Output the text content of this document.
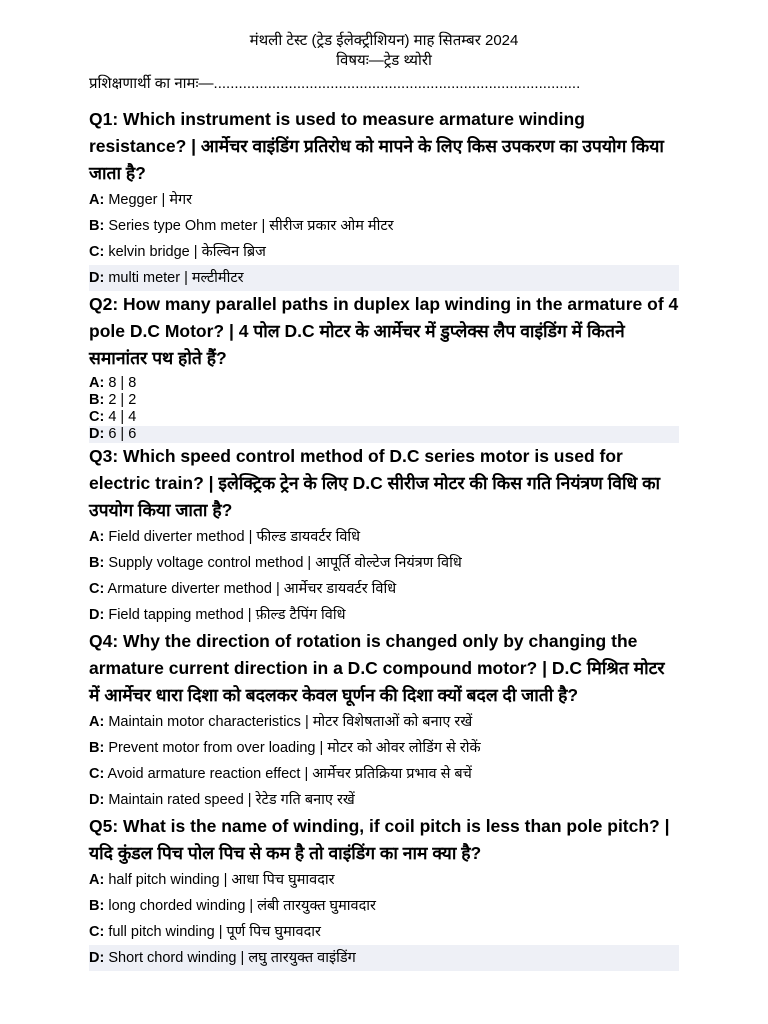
मंथली टेस्ट (ट्रेड ईलेक्ट्रीशियन) माह सितम्बर 2024
विषयः—ट्रेड थ्योरी
प्रशिक्षणार्थी का नामः—........................................................................................
Q1: Which instrument is used to measure armature winding resistance? | आर्मेचर वाइंडिंग प्रतिरोध को मापने के लिए किस उपकरण का उपयोग किया जाता है?
A: Megger | मेगर
B: Series type Ohm meter | सीरीज प्रकार ओम मीटर
C: kelvin bridge | केल्विन ब्रिज
D: multi meter | मल्टीमीटर
Q2: How many parallel paths in duplex lap winding in the armature of 4 pole D.C Motor? | 4 पोल D.C मोटर के आर्मेचर में डुप्लेक्स लैप वाइंडिंग में कितने समानांतर पथ होते हैं?
A: 8 | 8
B: 2 | 2
C: 4 | 4
D: 6 | 6
Q3: Which speed control method of D.C series motor is used for electric train? | इलेक्ट्रिक ट्रेन के लिए D.C सीरीज मोटर की किस गति नियंत्रण विधि का उपयोग किया जाता है?
A: Field diverter method | फील्ड डायवर्टर विधि
B: Supply voltage control method | आपूर्ति वोल्टेज नियंत्रण विधि
C: Armature diverter method | आर्मेचर डायवर्टर विधि
D: Field tapping method | फ़ील्ड टैपिंग विधि
Q4: Why the direction of rotation is changed only by changing the armature current direction in a D.C compound motor? | D.C मिश्रित मोटर में आर्मेचर धारा दिशा को बदलकर केवल घूर्णन की दिशा क्यों बदल दी जाती है?
A: Maintain motor characteristics | मोटर विशेषताओं को बनाए रखें
B: Prevent motor from over loading | मोटर को ओवर लोडिंग से रोकें
C: Avoid armature reaction effect | आर्मेचर प्रतिक्रिया प्रभाव से बचें
D: Maintain rated speed | रेटेड गति बनाए रखें
Q5: What is the name of winding, if coil pitch is less than pole pitch? | यदि कुंडल पिच पोल पिच से कम है तो वाइंडिंग का नाम क्या है?
A: half pitch winding | आधा पिच घुमावदार
B: long chorded winding | लंबी तारयुक्त घुमावदार
C: full pitch winding | पूर्ण पिच घुमावदार
D: Short chord winding | लघु तारयुक्त वाइंडिंग
